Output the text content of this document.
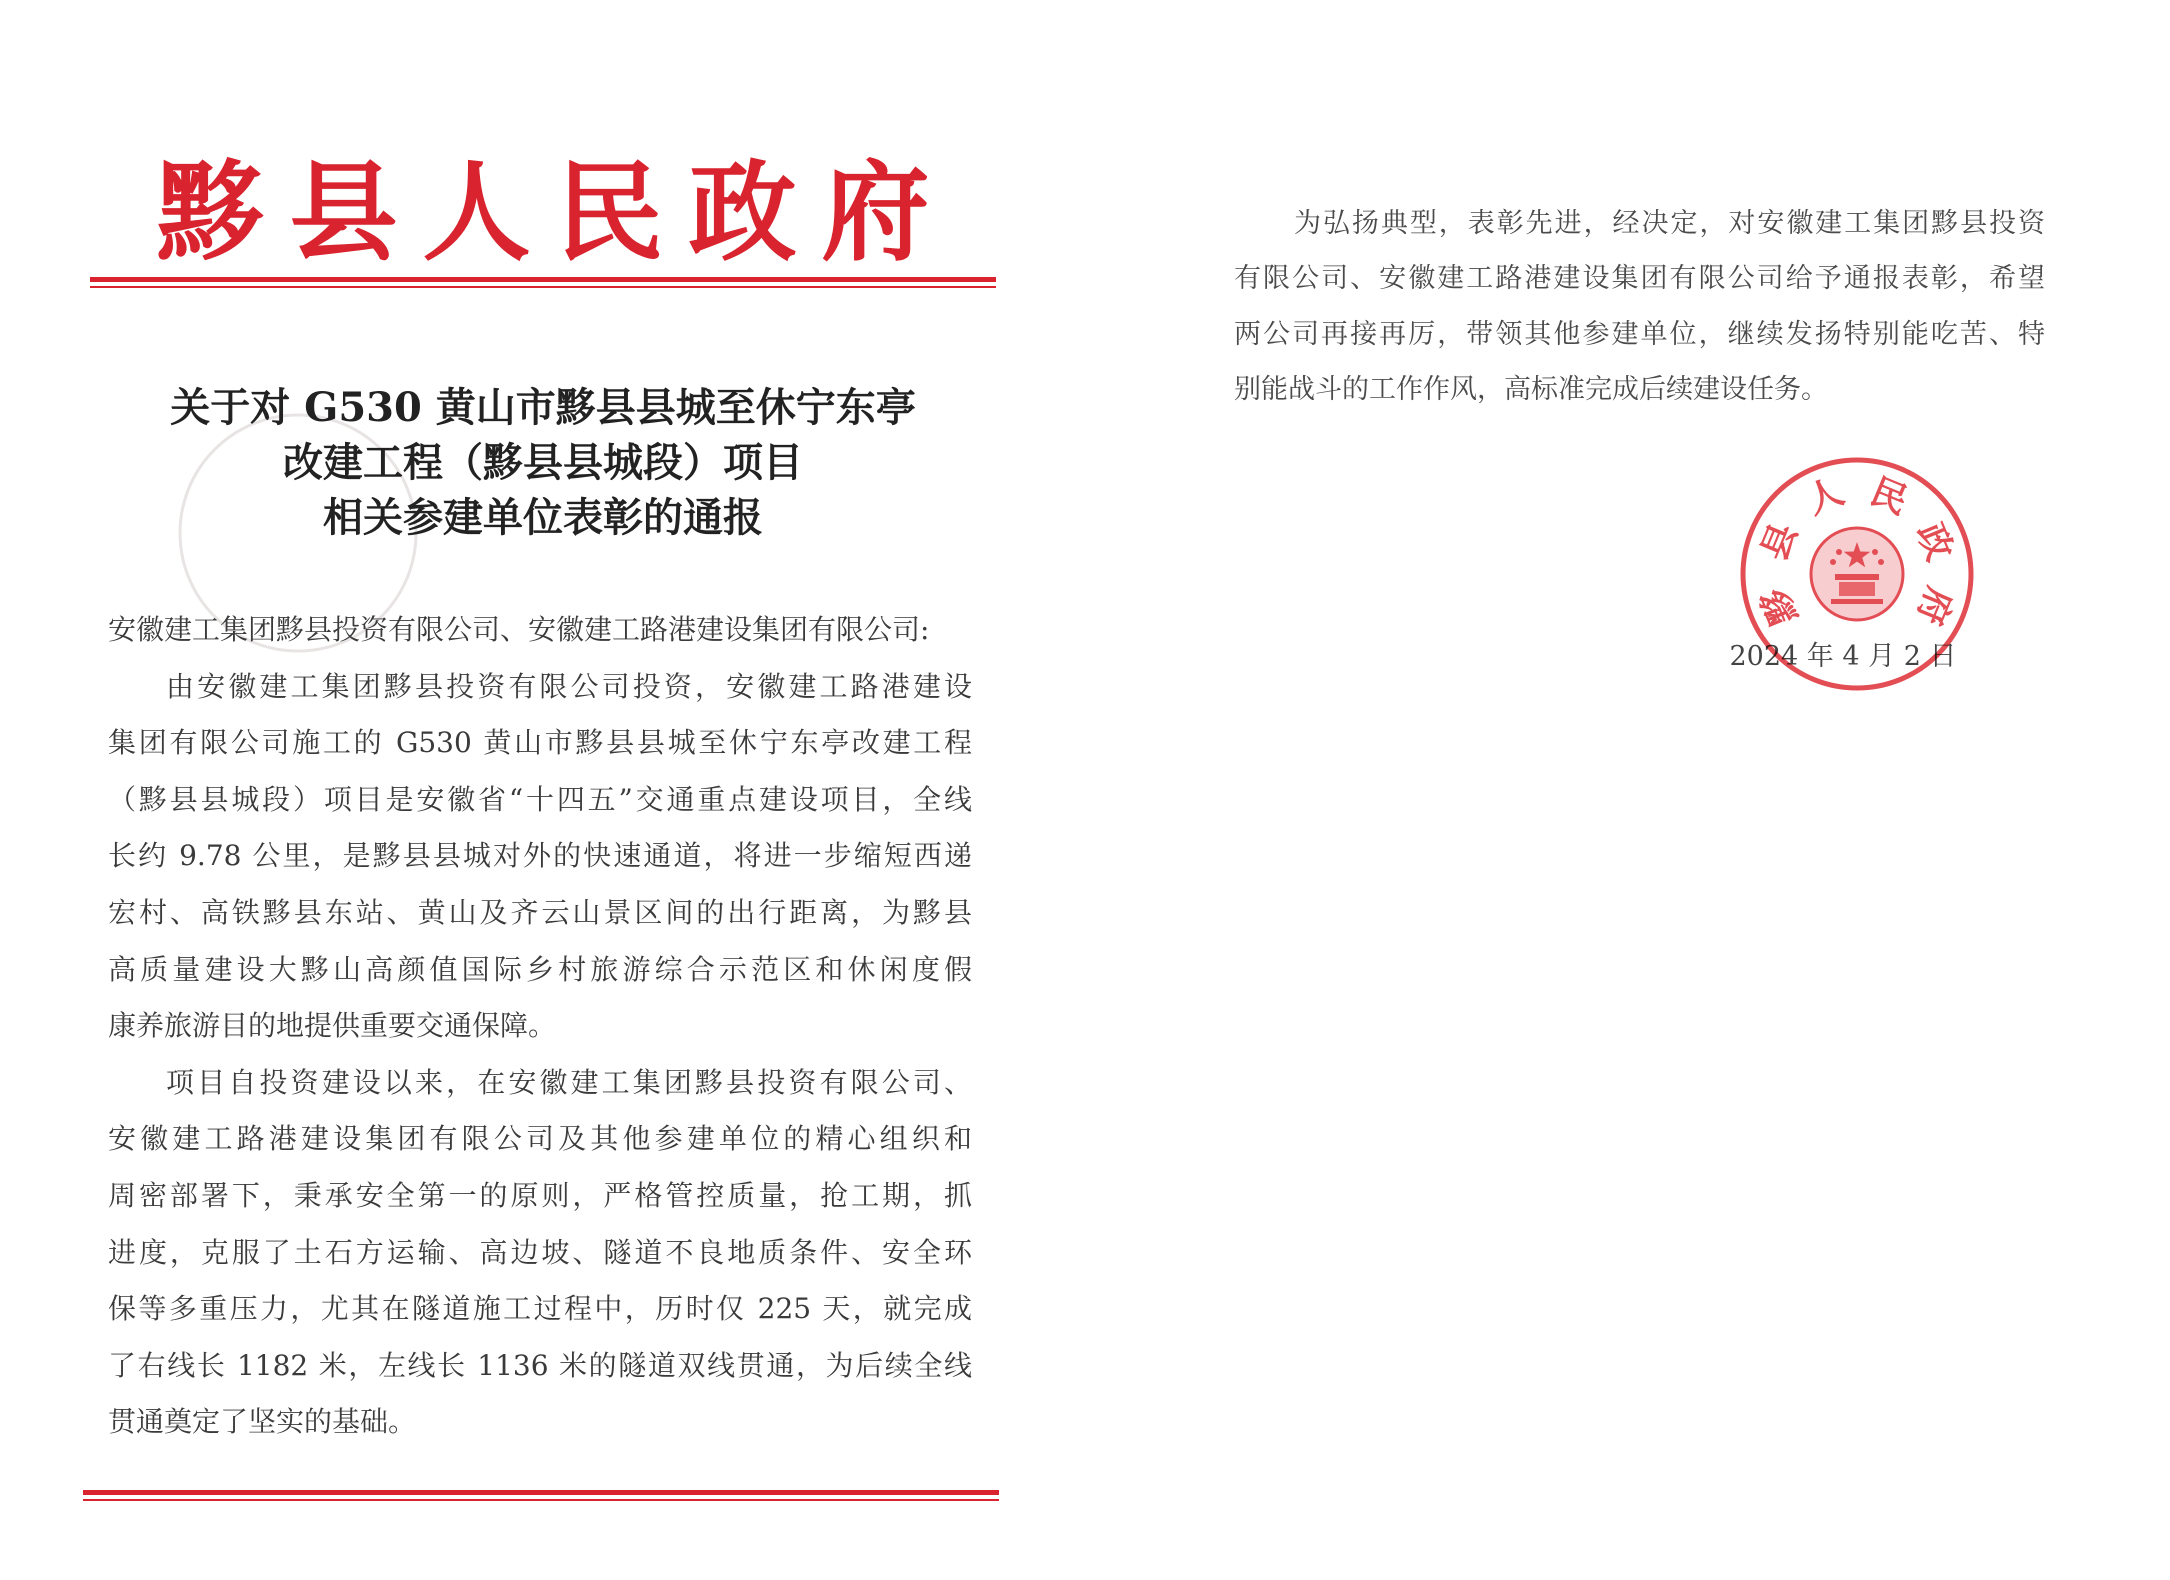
黟县人民政府
关于对 G530 黄山市黟县县城至休宁东亭
改建工程（黟县县城段）项目
相关参建单位表彰的通报
安徽建工集团黟县投资有限公司、安徽建工路港建设集团有限公司:
由安徽建工集团黟县投资有限公司投资，安徽建工路港建设
集团有限公司施工的 G530 黄山市黟县县城至休宁东亭改建工程
（黟县县城段）项目是安徽省“十四五”交通重点建设项目，全线
长约 9.78 公里，是黟县县城对外的快速通道，将进一步缩短西递
宏村、高铁黟县东站、黄山及齐云山景区间的出行距离，为黟县
高质量建设大黟山高颜值国际乡村旅游综合示范区和休闲度假
康养旅游目的地提供重要交通保障。
项目自投资建设以来，在安徽建工集团黟县投资有限公司、
安徽建工路港建设集团有限公司及其他参建单位的精心组织和
周密部署下，秉承安全第一的原则，严格管控质量，抢工期，抓
进度，克服了土石方运输、高边坡、隧道不良地质条件、安全环
保等多重压力，尤其在隧道施工过程中，历时仅 225 天，就完成
了右线长 1182 米，左线长 1136 米的隧道双线贯通，为后续全线
贯通奠定了坚实的基础。
为弘扬典型，表彰先进，经决定，对安徽建工集团黟县投资
有限公司、安徽建工路港建设集团有限公司给予通报表彰，希望
两公司再接再厉，带领其他参建单位，继续发扬特别能吃苦、特
别能战斗的工作作风，高标准完成后续建设任务。
2024 年 4 月 2 日
黟
县
人 民
政
府
